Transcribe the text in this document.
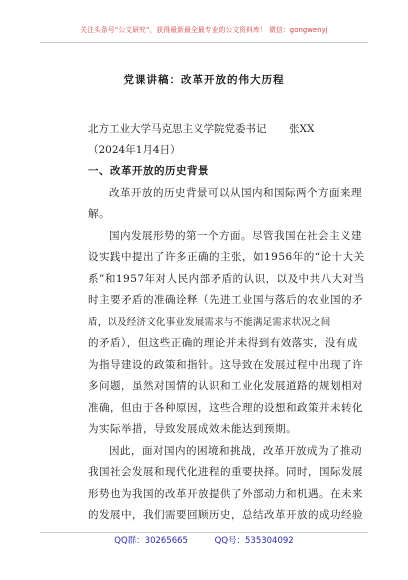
关注头条号“公文研究”，获得最新最全最专业的公文资料库！ 微信：gongwenyj
党课讲稿：改革开放的伟大历程
北方工业大学马克思主义学院党委书记 张XX
（2024年1月4日）
一、改革开放的历史背景
改革开放的历史背景可以从国内和国际两个方面来理
解。
国内发展形势的第一个方面。尽管我国在社会主义建
设实践中提出了许多正确的主张，如1956年的“论十大关
系”和1957年对人民内部矛盾的认识，以及中共八大对当
时主要矛盾的准确诠释（先进工业国与落后的农业国的矛
盾，以及经济文化事业发展需求与不能满足需求状况之间
的矛盾），但这些正确的理论并未得到有效落实，没有成
为指导建设的政策和指针。这导致在发展过程中出现了许
多问题，虽然对国情的认识和工业化发展道路的规划相对
准确，但由于各种原因，这些合理的设想和政策并未转化
为实际举措，导致发展成效未能达到预期。
因此，面对国内的困境和挑战，改革开放成为了推动
我国社会发展和现代化进程的重要抉择。同时，国际发展
形势也为我国的改革开放提供了外部动力和机遇。在未来
的发展中，我们需要回顾历史，总结改革开放的成功经验
QQ群：30265665	QQ号：535304092
